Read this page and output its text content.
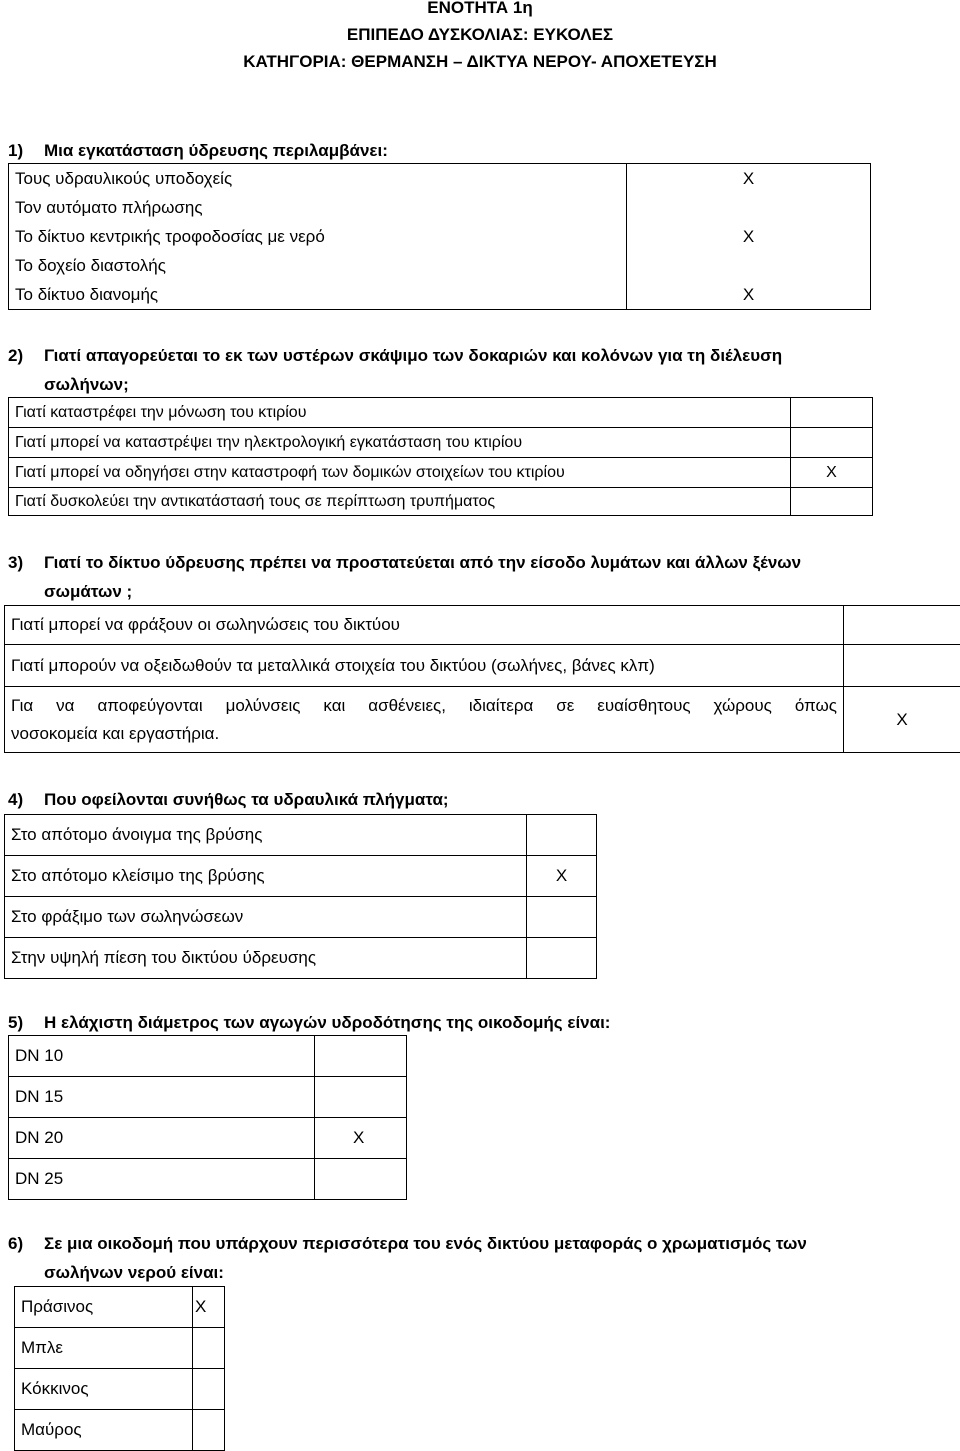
ΕΝΟΤΗΤΑ 1η
ΕΠΙΠΕΔΟ ΔΥΣΚΟΛΙΑΣ: ΕΥΚΟΛΕΣ
ΚΑΤΗΓΟΡΙΑ: ΘΕΡΜΑΝΣΗ – ΔΙΚΤΥΑ ΝΕΡΟΥ- ΑΠΟΧΕΤΕΥΣΗ
1) Μια εγκατάσταση ύδρευσης περιλαμβάνει:
Τους υδραυλικούς υποδοχείς	X
Τον αυτόματο πλήρωσης	
Το δίκτυο κεντρικής τροφοδοσίας με νερό	X
Το δοχείο διαστολής	
Το δίκτυο διανομής	X
2) Γιατί απαγορεύεται το εκ των υστέρων σκάψιμο των δοκαριών και κολόνων για τη διέλευση
σωλήνων;
Γιατί καταστρέφει την μόνωση του κτιρίου	
Γιατί μπορεί να καταστρέψει την ηλεκτρολογική εγκατάσταση του κτιρίου	
Γιατί μπορεί να οδηγήσει στην καταστροφή των δομικών στοιχείων του κτιρίου	X
Γιατί δυσκολεύει την αντικατάστασή τους σε περίπτωση τρυπήματος	
3) Γιατί το δίκτυο ύδρευσης πρέπει να προστατεύεται από την είσοδο λυμάτων και άλλων ξένων
σωμάτων ;
Γιατί μπορεί να φράξουν οι σωληνώσεις του δικτύου	
Γιατί μπορούν να οξειδωθούν τα μεταλλικά στοιχεία του δικτύου (σωλήνες, βάνες κλπ)	

Για να αποφεύγονται μολύνσεις και ασθένειες, ιδιαίτερα σε ευαίσθητους χώρους όπως
νοσοκομεία και εργαστήρια.	X
4) Που οφείλονται συνήθως τα υδραυλικά πλήγματα;
Στο απότομο άνοιγμα της βρύσης	
Στο απότομο κλείσιμο της βρύσης	X
Στο φράξιμο των σωληνώσεων	
Στην υψηλή πίεση του δικτύου ύδρευσης	
5) Η ελάχιστη διάμετρος των αγωγών υδροδότησης της οικοδομής είναι:
DN 10	
DN 15	
DN 20	X
DN 25	
6) Σε μια οικοδομή που υπάρχουν περισσότερα του ενός δικτύου μεταφοράς ο χρωματισμός των
σωλήνων νερού είναι:
Πράσινος	X
Μπλε	
Κόκκινος	
Μαύρος	
